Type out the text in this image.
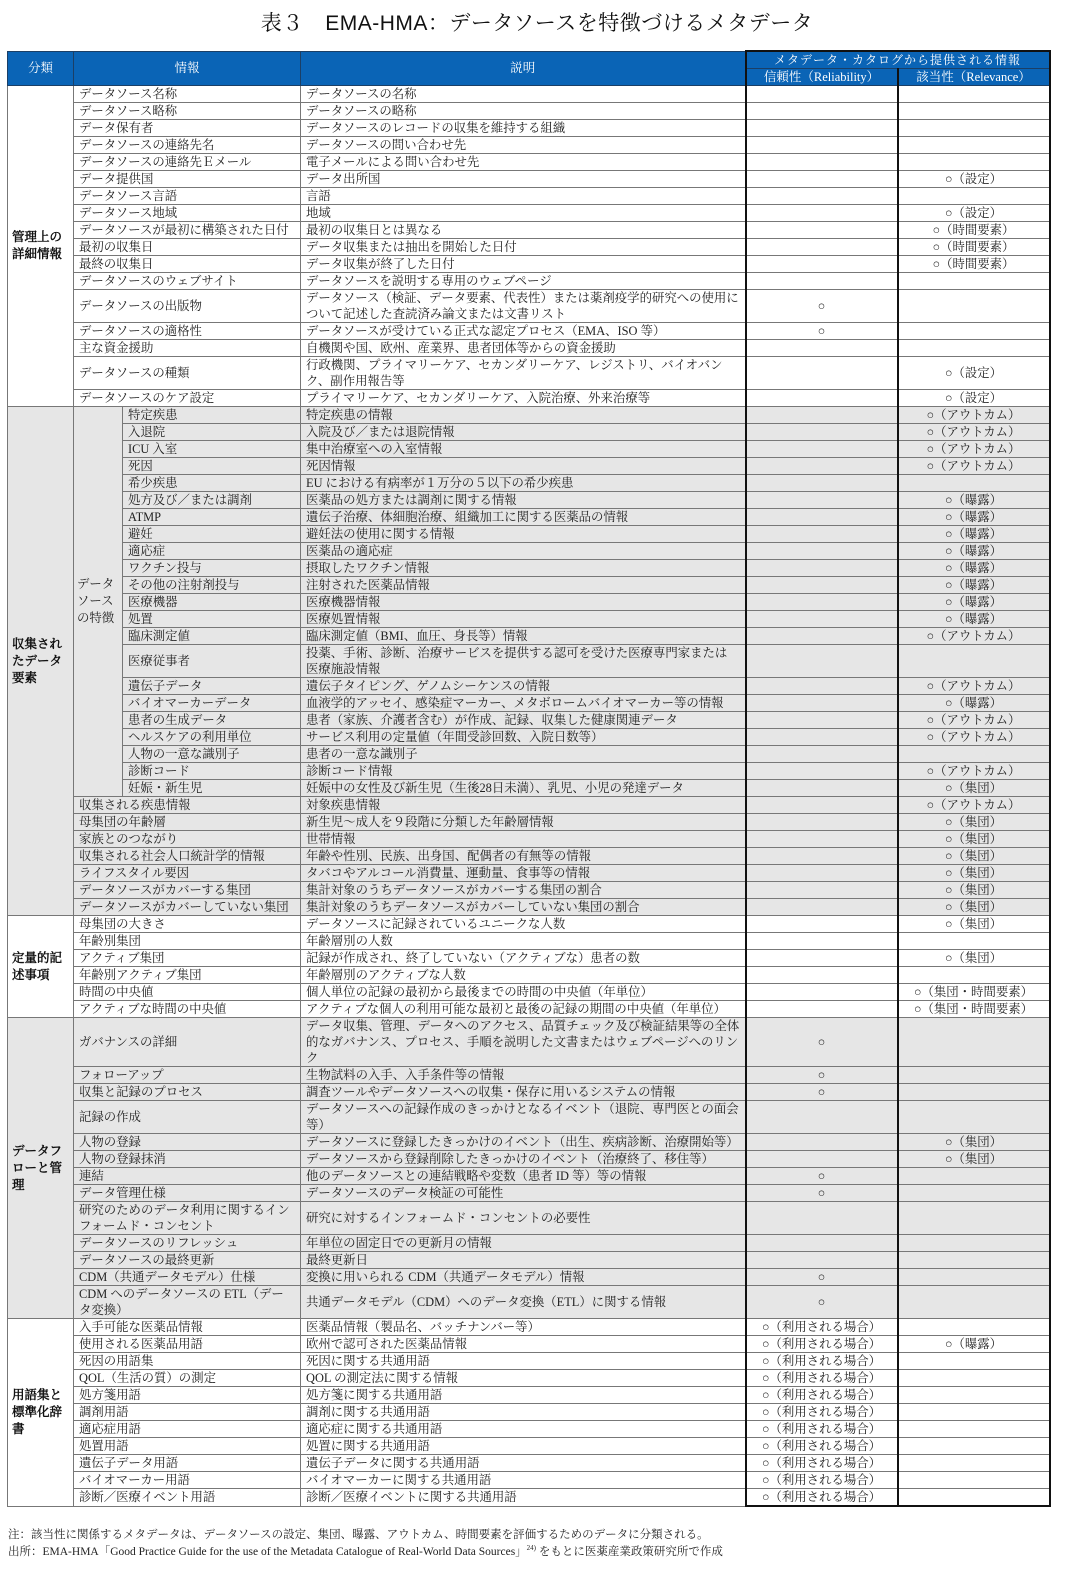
表３　EMA-HMA：データソースを特徴づけるメタデータ
分類	情報		説明	メタデータ・カタログから提供される情報	
				信頼性（Reliability）	該当性（Relevance）
管理上の詳細情報	データソース名称		データソースの名称		
	データソース略称		データソースの略称		
	データ保有者		データソースのレコードの収集を維持する組織		
	データソースの連絡先名		データソースの問い合わせ先		
	データソースの連絡先Ｅメール		電子メールによる問い合わせ先		
	データ提供国		データ出所国		○（設定）
	データソース言語		言語		
	データソース地域		地域		○（設定）
	データソースが最初に構築された日付		最初の収集日とは異なる		○（時間要素）
	最初の収集日		データ収集または抽出を開始した日付		○（時間要素）
	最終の収集日		データ収集が終了した日付		○（時間要素）
	データソースのウェブサイト		データソースを説明する専用のウェブページ		
	データソースの出版物		データソース（検証、データ要素、代表性）または薬剤疫学的研究への使用について記述した査読済み論文または文書リスト	○	
	データソースの適格性		データソースが受けている正式な認定プロセス（EMA、ISO 等）	○	
	主な資金援助		自機関や国、欧州、産業界、患者団体等からの資金援助		
	データソースの種類		行政機関、プライマリーケア、セカンダリーケア、レジストリ、バイオバンク、副作用報告等		○（設定）
	データソースのケア設定		プライマリーケア、セカンダリーケア、入院治療、外来治療等		○（設定）
収集されたデータ要素	データソースの特徴	特定疾患	特定疾患の情報		○（アウトカム）
		入退院	入院及び／または退院情報		○（アウトカム）
		ICU 入室	集中治療室への入室情報		○（アウトカム）
		死因	死因情報		○（アウトカム）
		希少疾患	EU における有病率が１万分の５以下の希少疾患		
		処方及び／または調剤	医薬品の処方または調剤に関する情報		○（曝露）
		ATMP	遺伝子治療、体細胞治療、組織加工に関する医薬品の情報		○（曝露）
		避妊	避妊法の使用に関する情報		○（曝露）
		適応症	医薬品の適応症		○（曝露）
		ワクチン投与	摂取したワクチン情報		○（曝露）
		その他の注射剤投与	注射された医薬品情報		○（曝露）
		医療機器	医療機器情報		○（曝露）
		処置	医療処置情報		○（曝露）
		臨床測定値	臨床測定値（BMI、血圧、身長等）情報		○（アウトカム）
		医療従事者	投薬、手術、診断、治療サービスを提供する認可を受けた医療専門家または医療施設情報		
		遺伝子データ	遺伝子タイピング、ゲノムシーケンスの情報		○（アウトカム）
		バイオマーカーデータ	血液学的アッセイ、感染症マーカー、メタボロームバイオマーカー等の情報		○（曝露）
		患者の生成データ	患者（家族、介護者含む）が作成、記録、収集した健康関連データ		○（アウトカム）
		ヘルスケアの利用単位	サービス利用の定量値（年間受診回数、入院日数等）		○（アウトカム）
		人物の一意な識別子	患者の一意な識別子		
		診断コード	診断コード情報		○（アウトカム）
		妊娠・新生児	妊娠中の女性及び新生児（生後28日未満）、乳児、小児の発達データ		○（集団）
	収集される疾患情報		対象疾患情報		○（アウトカム）
	母集団の年齢層		新生児～成人を９段階に分類した年齢層情報		○（集団）
	家族とのつながり		世帯情報		○（集団）
	収集される社会人口統計学的情報		年齢や性別、民族、出身国、配偶者の有無等の情報		○（集団）
	ライフスタイル要因		タバコやアルコール消費量、運動量、食事等の情報		○（集団）
	データソースがカバーする集団		集計対象のうちデータソースがカバーする集団の割合		○（集団）
	データソースがカバーしていない集団		集計対象のうちデータソースがカバーしていない集団の割合		○（集団）
定量的記述事項	母集団の大きさ		データソースに記録されているユニークな人数		○（集団）
	年齢別集団		年齢層別の人数		
	アクティブ集団		記録が作成され、終了していない（アクティブな）患者の数		○（集団）
	年齢別アクティブ集団		年齢層別のアクティブな人数		
	時間の中央値		個人単位の記録の最初から最後までの時間の中央値（年単位）		○（集団・時間要素）
	アクティブな時間の中央値		アクティブな個人の利用可能な最初と最後の記録の期間の中央値（年単位）		○（集団・時間要素）
データフローと管理	ガバナンスの詳細		データ収集、管理、データへのアクセス、品質チェック及び検証結果等の全体的なガバナンス、プロセス、手順を説明した文書またはウェブページへのリンク	○	
	フォローアップ		生物試料の入手、入手条件等の情報	○	
	収集と記録のプロセス		調査ツールやデータソースへの収集・保存に用いるシステムの情報	○	
	記録の作成		データソースへの記録作成のきっかけとなるイベント（退院、専門医との面会等）		
	人物の登録		データソースに登録したきっかけのイベント（出生、疾病診断、治療開始等）		○（集団）
	人物の登録抹消		データソースから登録削除したきっかけのイベント（治療終了、移住等）		○（集団）
	連結		他のデータソースとの連結戦略や変数（患者 ID 等）等の情報	○	
	データ管理仕様		データソースのデータ検証の可能性	○	
	研究のためのデータ利用に関するインフォームド・コンセント		研究に対するインフォームド・コンセントの必要性		
	データソースのリフレッシュ		年単位の固定日での更新月の情報		
	データソースの最終更新		最終更新日		
	CDM（共通データモデル）仕様		変換に用いられる CDM（共通データモデル）情報	○	
	CDM へのデータソースの ETL（データ変換）		共通データモデル（CDM）へのデータ変換（ETL）に関する情報	○	
用語集と標準化辞書	入手可能な医薬品情報		医薬品情報（製品名、バッチナンバー等）	○（利用される場合）	
	使用される医薬品用語		欧州で認可された医薬品情報	○（利用される場合）	○（曝露）
	死因の用語集		死因に関する共通用語	○（利用される場合）	
	QOL（生活の質）の測定		QOL の測定法に関する情報	○（利用される場合）	
	処方箋用語		処方箋に関する共通用語	○（利用される場合）	
	調剤用語		調剤に関する共通用語	○（利用される場合）	
	適応症用語		適応症に関する共通用語	○（利用される場合）	
	処置用語		処置に関する共通用語	○（利用される場合）	
	遺伝子データ用語		遺伝子データに関する共通用語	○（利用される場合）	
	バイオマーカー用語		バイオマーカーに関する共通用語	○（利用される場合）	
	診断／医療イベント用語		診断／医療イベントに関する共通用語	○（利用される場合）	
注：該当性に関係するメタデータは、データソースの設定、集団、曝露、アウトカム、時間要素を評価するためのデータに分類される。
出所：EMA-HMA「Good Practice Guide for the use of the Metadata Catalogue of Real-World Data Sources」$^{24)}$ をもとに医薬産業政策研究所で作成
